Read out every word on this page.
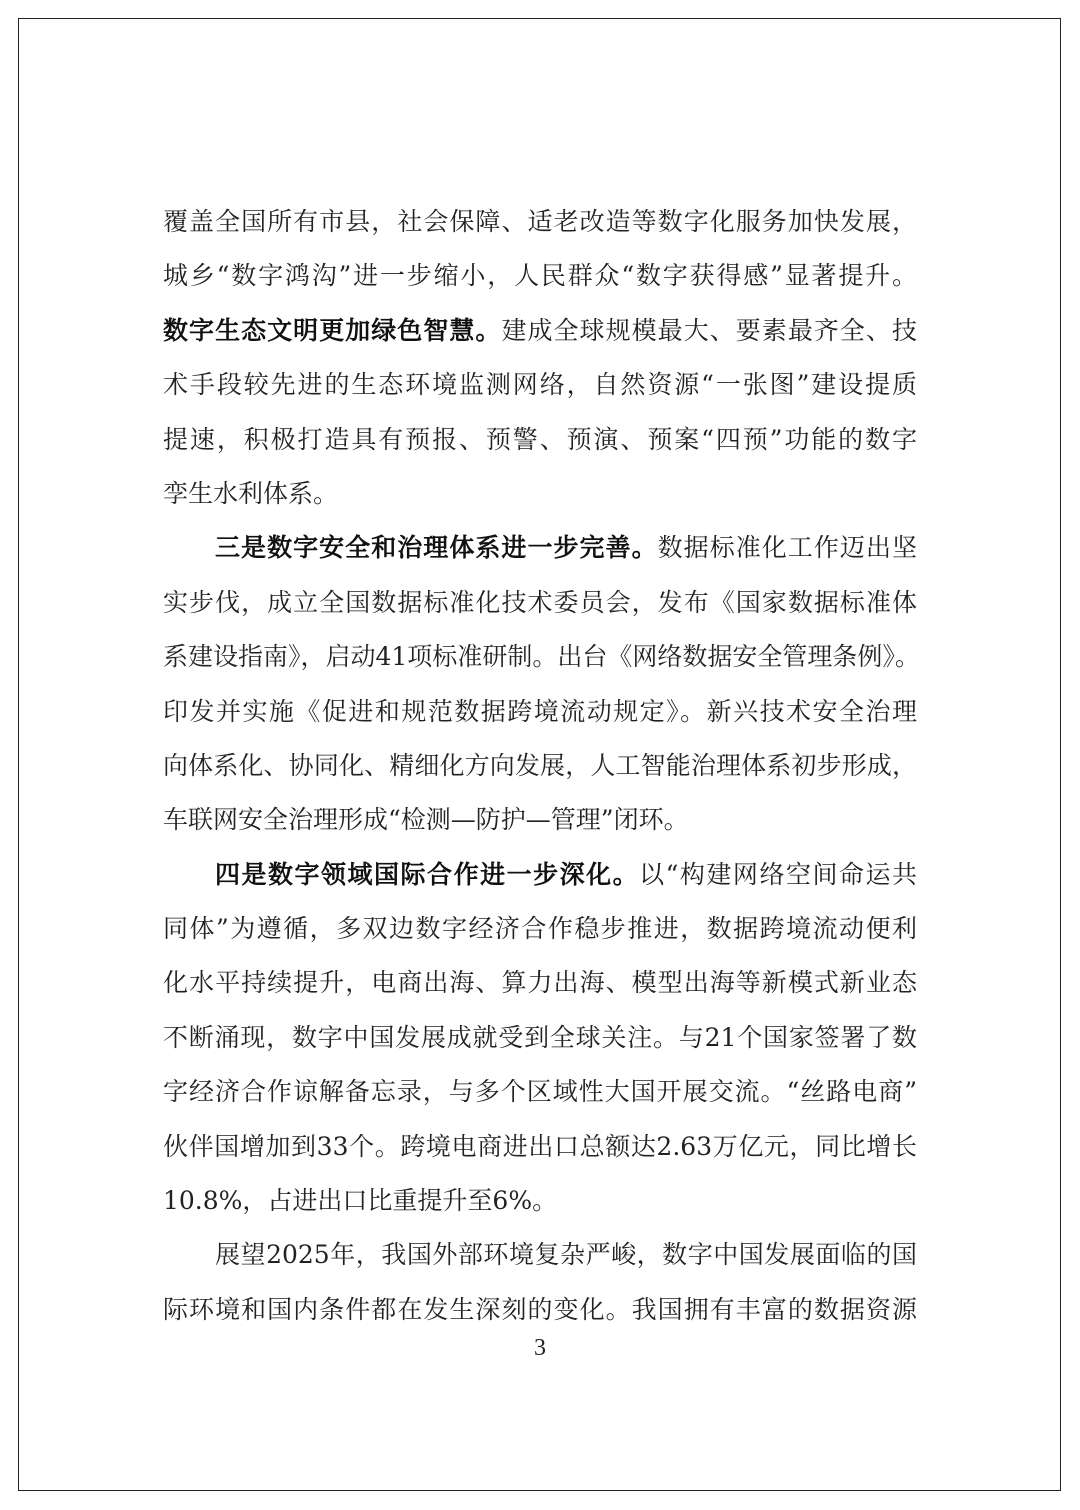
覆盖全国所有市县，社会保障、适老改造等数字化服务加快发展，
城乡“数字鸿沟”进一步缩小，人民群众“数字获得感”显著提升。
数字生态文明更加绿色智慧。建成全球规模最大、要素最齐全、技
术手段较先进的生态环境监测网络，自然资源“一张图”建设提质
提速，积极打造具有预报、预警、预演、预案“四预”功能的数字
孪生水利体系。
三是数字安全和治理体系进一步完善。数据标准化工作迈出坚
实步伐，成立全国数据标准化技术委员会，发布《国家数据标准体
系建设指南》，启动41项标准研制。出台《网络数据安全管理条例》。
印发并实施《促进和规范数据跨境流动规定》。新兴技术安全治理
向体系化、协同化、精细化方向发展，人工智能治理体系初步形成，
车联网安全治理形成“检测—防护—管理”闭环。
四是数字领域国际合作进一步深化。以“构建网络空间命运共
同体”为遵循，多双边数字经济合作稳步推进，数据跨境流动便利
化水平持续提升，电商出海、算力出海、模型出海等新模式新业态
不断涌现，数字中国发展成就受到全球关注。与21个国家签署了数
字经济合作谅解备忘录，与多个区域性大国开展交流。“丝路电商”
伙伴国增加到33个。跨境电商进出口总额达2.63万亿元，同比增长
10.8%，占进出口比重提升至6%。
展望2025年，我国外部环境复杂严峻，数字中国发展面临的国
际环境和国内条件都在发生深刻的变化。我国拥有丰富的数据资源
3
